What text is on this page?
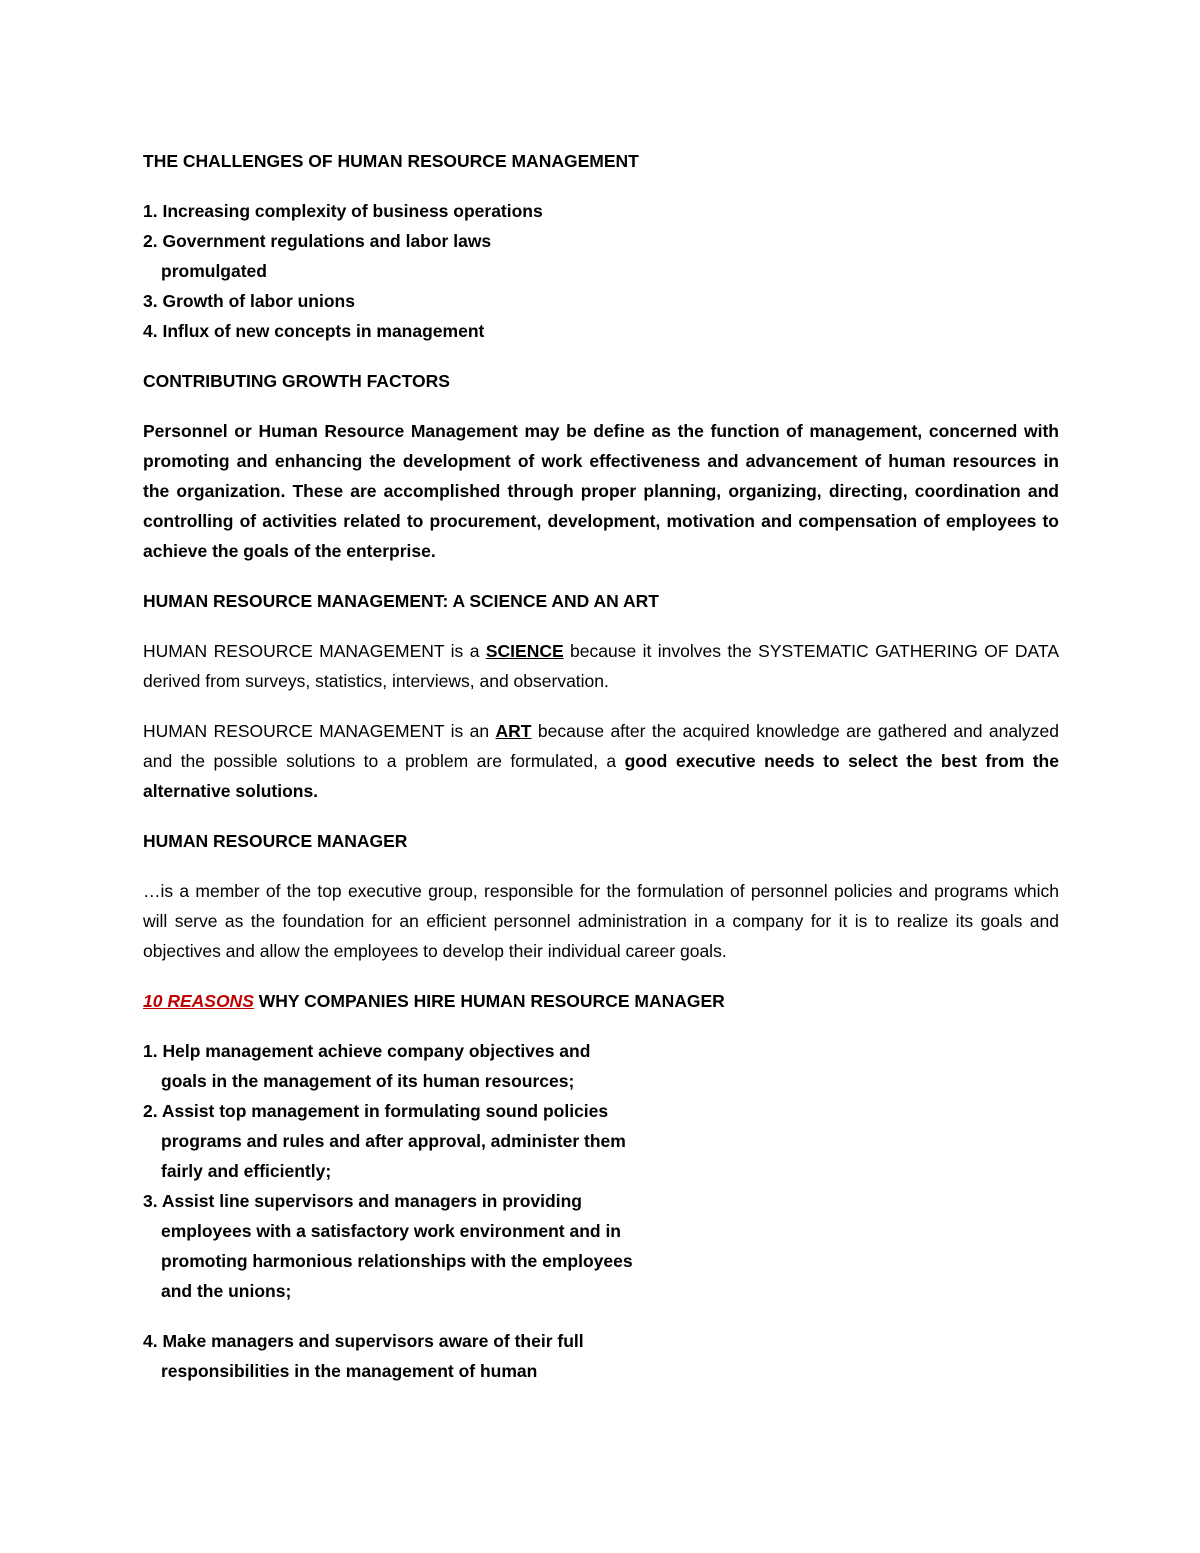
THE CHALLENGES OF HUMAN RESOURCE MANAGEMENT
1. Increasing complexity of business operations
2. Government regulations and labor laws
promulgated
3. Growth of labor unions
4. Influx of new concepts in management
CONTRIBUTING GROWTH FACTORS

Personnel or Human Resource Management may be define as the function of management, concerned with promoting and enhancing the development of work effectiveness and advancement of human resources in the organization. These are accomplished through proper planning, organizing, directing, coordination and controlling of activities related to procurement, development, motivation and compensation of employees to achieve the goals of the enterprise.

HUMAN RESOURCE MANAGEMENT: A SCIENCE AND AN ART

HUMAN RESOURCE MANAGEMENT is a SCIENCE because it involves the SYSTEMATIC GATHERING OF DATA derived from surveys, statistics, interviews, and observation.

HUMAN RESOURCE MANAGEMENT is an ART because after the acquired knowledge are gathered and analyzed and the possible solutions to a problem are formulated, a good executive needs to select the best from the alternative solutions.

HUMAN RESOURCE MANAGER

…is a member of the top executive group, responsible for the formulation of personnel policies and programs which will serve as the foundation for an efficient personnel administration in a company for it is to realize its goals and objectives and allow the employees to develop their individual career goals.

10 REASONS WHY COMPANIES HIRE HUMAN RESOURCE MANAGER
1. Help management achieve company objectives and
goals in the management of its human resources;
2. Assist top management in formulating sound policies
programs and rules and after approval, administer them
fairly and efficiently;
3. Assist line supervisors and managers in providing
employees with a satisfactory work environment and in
promoting harmonious relationships with the employees
and the unions;
4. Make managers and supervisors aware of their full
responsibilities in the management of human
